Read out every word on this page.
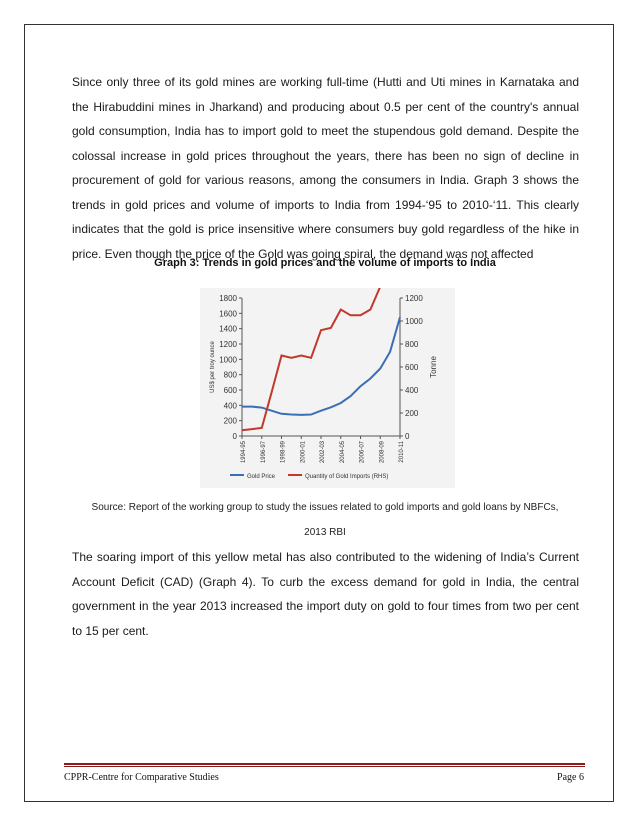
Since only three of its gold mines are working full-time (Hutti and Uti mines in Karnataka and the Hirabuddini mines in Jharkand) and producing about 0.5 per cent of the country's annual gold consumption, India has to import gold to meet the stupendous gold demand. Despite the colossal increase in gold prices throughout the years, there has been no sign of decline in procurement of gold for various reasons, among the consumers in India. Graph 3 shows the trends in gold prices and volume of imports to India from 1994-‘95 to 2010-‘11. This clearly indicates that the gold is price insensitive where consumers buy gold regardless of the hike in price. Even though the price of the Gold was going spiral, the demand was not affected

Graph 3: Trends in gold prices and the volume of imports to India

0
200
400
600
800
1000
1200
1400
1600
1800
0
200
400
600
800
1000
1200
1994-95 1996-97 1998-99 2000-01 2002-03 2004-05 2006-07 2008-09 2010-11
US$ per troy ounce	Tonne
Gold Price	Quantity of Gold Imports (RHS)
Source: Report of the working group to study the issues related to gold imports and gold loans by NBFCs,
2013 RBI

The soaring import of this yellow metal has also contributed to the widening of India’s Current Account Deficit (CAD) (Graph 4). To curb the excess demand for gold in India, the central government in the year 2013 increased the import duty on gold to four times from two per cent to 15 per cent.

CPPR-Centre for Comparative Studies	Page 6
